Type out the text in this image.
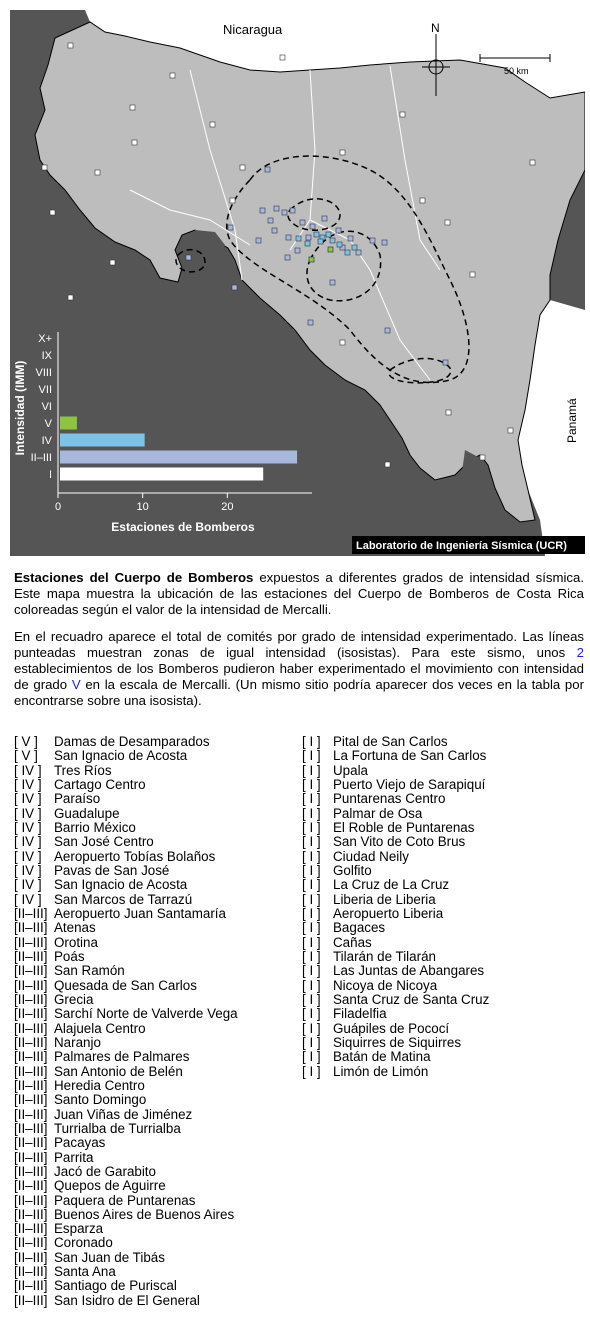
Nicaragua
Panamá
N
50 km
Laboratorio de Ingeniería Sísmica (UCR)
Intensidad (IMM)
Estaciones de Bomberos
X+
IX
VIII
VII
VI
V
IV
II–III
I
0	10	20

Estaciones del Cuerpo de Bomberos expuestos a diferentes grados de intensidad sísmica. Este mapa muestra la ubicación de las estaciones del Cuerpo de Bomberos de Costa Rica coloreadas según el valor de la intensidad de Mercalli.

En el recuadro aparece el total de comités por grado de intensidad experimentado. Las líneas punteadas muestran zonas de igual intensidad (isosistas). Para este sismo, unos 2 establecimientos de los Bomberos pudieron haber experimentado el movimiento con intensidad de grado V en la escala de Mercalli. (Un mismo sitio podría aparecer dos veces en la tabla por encontrarse sobre una isosista).

[ V ]	Damas de Desamparados
[ V ]	San Ignacio de Acosta
[ IV ] Tres Ríos
[ IV ] Cartago Centro
[ IV ] Paraíso
[ IV ] Guadalupe
[ IV ] Barrio México
[ IV ] San José Centro
[ IV ] Aeropuerto Tobías Bolaños
[ IV ] Pavas de San José
[ IV ] San Ignacio de Acosta
[ IV ] San Marcos de Tarrazú
[II–III] Aeropuerto Juan Santamaría
[II–III] Atenas
[II–III] Orotina
[II–III] Poás
[II–III] San Ramón
[II–III] Quesada de San Carlos
[II–III] Grecia
[II–III] Sarchí Norte de Valverde Vega
[II–III] Alajuela Centro
[II–III] Naranjo
[II–III] Palmares de Palmares
[II–III] San Antonio de Belén
[II–III] Heredia Centro
[II–III] Santo Domingo
[II–III] Juan Viñas de Jiménez
[II–III] Turrialba de Turrialba
[II–III] Pacayas
[II–III] Parrita
[II–III] Jacó de Garabito
[II–III] Quepos de Aguirre
[II–III] Paquera de Puntarenas
[II–III] Buenos Aires de Buenos Aires
[II–III] Esparza
[II–III] Coronado
[II–III] San Juan de Tibás
[II–III] Santa Ana
[II–III] Santiago de Puriscal
[II–III] San Isidro de El General
[ I ] Pital de San Carlos
[ I ] La Fortuna de San Carlos
[ I ] Upala
[ I ] Puerto Viejo de Sarapiquí
[ I ] Puntarenas Centro
[ I ] Palmar de Osa
[ I ] El Roble de Puntarenas
[ I ] San Vito de Coto Brus
[ I ] Ciudad Neily
[ I ] Golfito
[ I ] La Cruz de La Cruz
[ I ] Liberia de Liberia
[ I ] Aeropuerto Liberia
[ I ] Bagaces
[ I ] Cañas
[ I ] Tilarán de Tilarán
[ I ] Las Juntas de Abangares
[ I ] Nicoya de Nicoya
[ I ] Santa Cruz de Santa Cruz
[ I ] Filadelfia
[ I ] Guápiles de Pococí
[ I ] Siquirres de Siquirres
[ I ] Batán de Matina
[ I ] Limón de Limón
